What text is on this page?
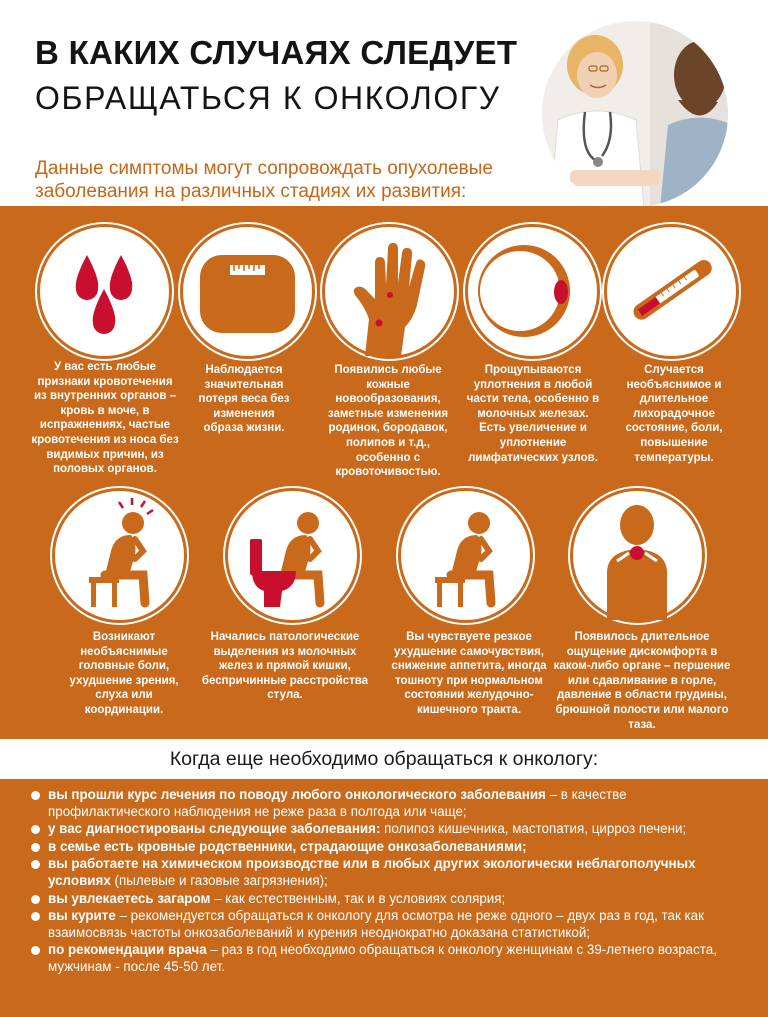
В КАКИХ СЛУЧАЯХ СЛЕДУЕТ
ОБРАЩАТЬСЯ К ОНКОЛОГУ
Данные симптомы могут сопровождать опухолевые заболевания на различных стадиях их развития:
У вас есть любые признаки кровотечения из внутренних органов – кровь в моче, в испражнениях, частые кровотечения из носа без видимых причин, из половых органов.
Наблюдается значительная потеря веса без изменения образа жизни.
Появились любые кожные новообразования, заметные изменения родинок, бородавок, полипов и т.д., особенно с кровоточивостью.
Прощупываются уплотнения в любой части тела, особенно в молочных железах. Есть увеличение и уплотнение лимфатических узлов.
Случается необъяснимое и длительное лихорадочное состояние, боли, повышение температуры.
Возникают необъяснимые головные боли, ухудшение зрения, слуха или координации.
Начались патологические выделения из молочных желез и прямой кишки, беспричинные расстройства стула.
Вы чувствуете резкое ухудшение самочувствия, снижение аппетита, иногда тошноту при нормальном состоянии желудочно-кишечного тракта.
Появилось длительное ощущение дискомфорта в каком-либо органе – першение или сдавливание в горле, давление в области грудины, брюшной полости или малого таза.
Когда еще необходимо обращаться к онкологу:
вы прошли курс лечения по поводу любого онкологического заболевания – в качестве профилактического наблюдения не реже раза в полгода или чаще;
у вас диагностированы следующие заболевания: полипоз кишечника, мастопатия, цирроз печени;
в семье есть кровные родственники, страдающие онкозаболеваниями;
вы работаете на химическом производстве или в любых других экологически неблагополучных условиях (пылевые и газовые загрязнения);
вы увлекаетесь загаром – как естественным, так и в условиях солярия;
вы курите – рекомендуется обращаться к онкологу для осмотра не реже одного – двух раз в год, так как взаимосвязь частоты онкозаболеваний и курения неоднократно доказана статистикой;
по рекомендации врача – раз в год необходимо обращаться к онкологу женщинам с 39-летнего возраста, мужчинам - после 45-50 лет.
